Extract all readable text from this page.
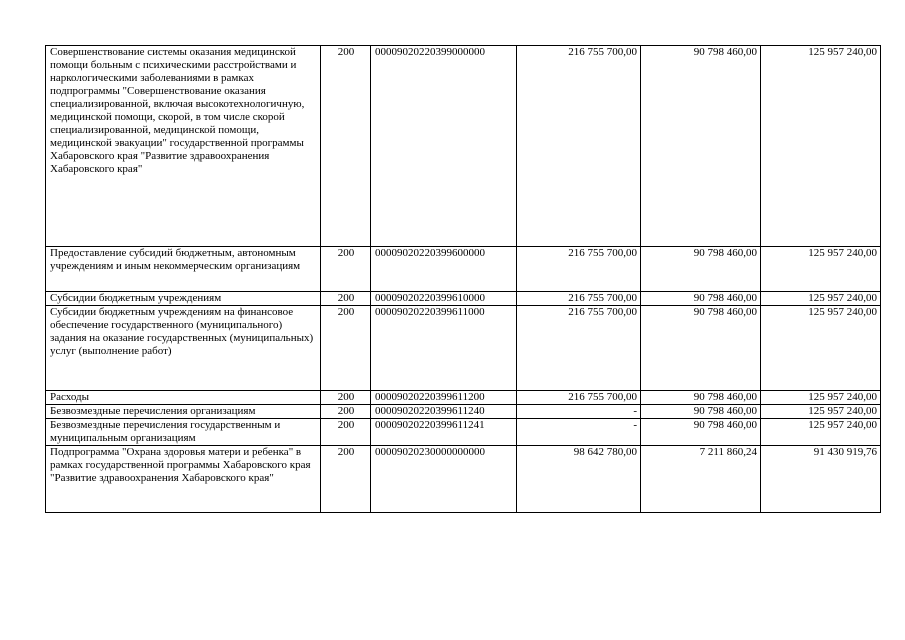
Совершенствование системы оказания медицинской помощи больным с психическими расстройствами и наркологическими заболеваниями в рамках подпрограммы "Совершенствование оказания специализированной, включая высокотехнологичную, медицинской помощи, скорой, в том числе скорой специализированной, медицинской помощи, медицинской эвакуации" государственной программы Хабаровского края "Развитие здравоохранения Хабаровского края"	200	00009020220399000000	216 755 700,00	90 798 460,00	125 957 240,00
Предоставление субсидий бюджетным, автономным учреждениям и иным некоммерческим организациям	200	00009020220399600000	216 755 700,00	90 798 460,00	125 957 240,00
Субсидии бюджетным учреждениям	200	00009020220399610000	216 755 700,00	90 798 460,00	125 957 240,00
Субсидии бюджетным учреждениям на финансовое обеспечение государственного (муниципального) задания на оказание государственных (муниципальных) услуг (выполнение работ)	200	00009020220399611000	216 755 700,00	90 798 460,00	125 957 240,00
Расходы	200	00009020220399611200	216 755 700,00	90 798 460,00	125 957 240,00
Безвозмездные перечисления организациям	200	00009020220399611240	-	90 798 460,00	125 957 240,00
Безвозмездные перечисления государственным и муниципальным организациям	200	00009020220399611241	-	90 798 460,00	125 957 240,00
Подпрограмма "Охрана здоровья матери и ребенка" в рамках государственной программы Хабаровского края "Развитие здравоохранения Хабаровского края"	200	00009020230000000000	98 642 780,00	7 211 860,24	91 430 919,76
